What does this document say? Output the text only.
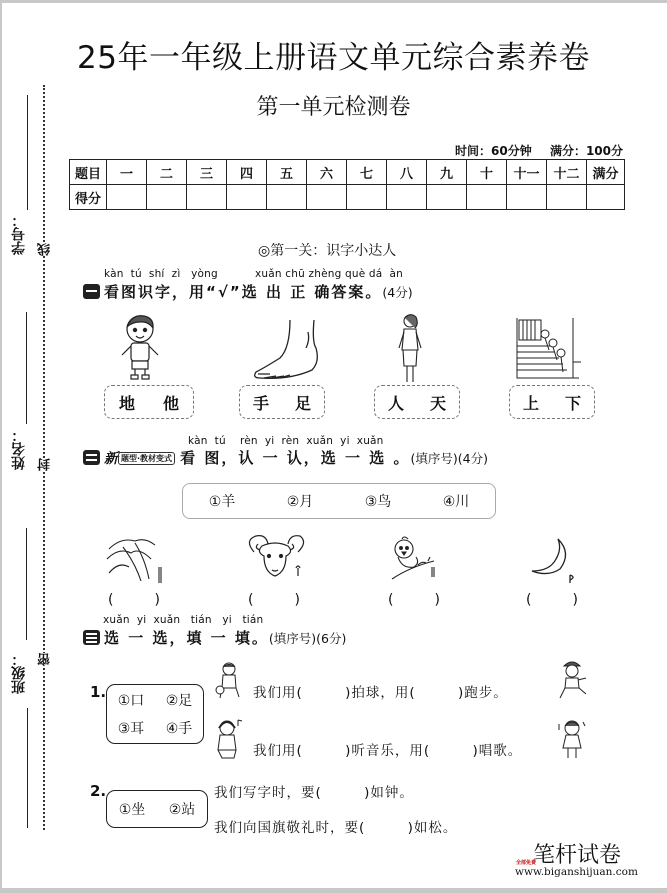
25年一年级上册语文单元综合素养卷
第一单元检测卷
时间：60分钟 满分：100分
题目	一	二	三	四	五	六	七	八	九	十	十一	十二	满分
得分													
学号：
姓名：
班级：
线
封
密
◎第一关：识字小达人
kàn  tú  shí  zì   yòng	xuǎn chū zhèng què dá  àn
看图识字，用“√”选 出 正 确答案。(4分)
地 他	手 足	人 天	上 下
kàn  tú    rèn  yi  rèn  xuǎn  yi  xuǎn
新 题型·教材变式 看 图，认 一 认，选 一 选 。(填序号)(4分)
①羊	②月	③鸟	④川
(	)	(	)	(	)	(	)
xuǎn  yi  xuǎn   tián   yi   tián
选 一 选，填 一 填。(填序号)(6分)
1. ①口 ②足
③耳 ④手
我们用(        )拍球，用(        )跑步。
我们用(        )听音乐，用(        )唱歌。
2.
①坐 ②站
我们写字时，要(        )如钟。
我们向国旗敬礼时，要(        )如松。
笔杆试卷
全部免费
www.biganshijuan.com
